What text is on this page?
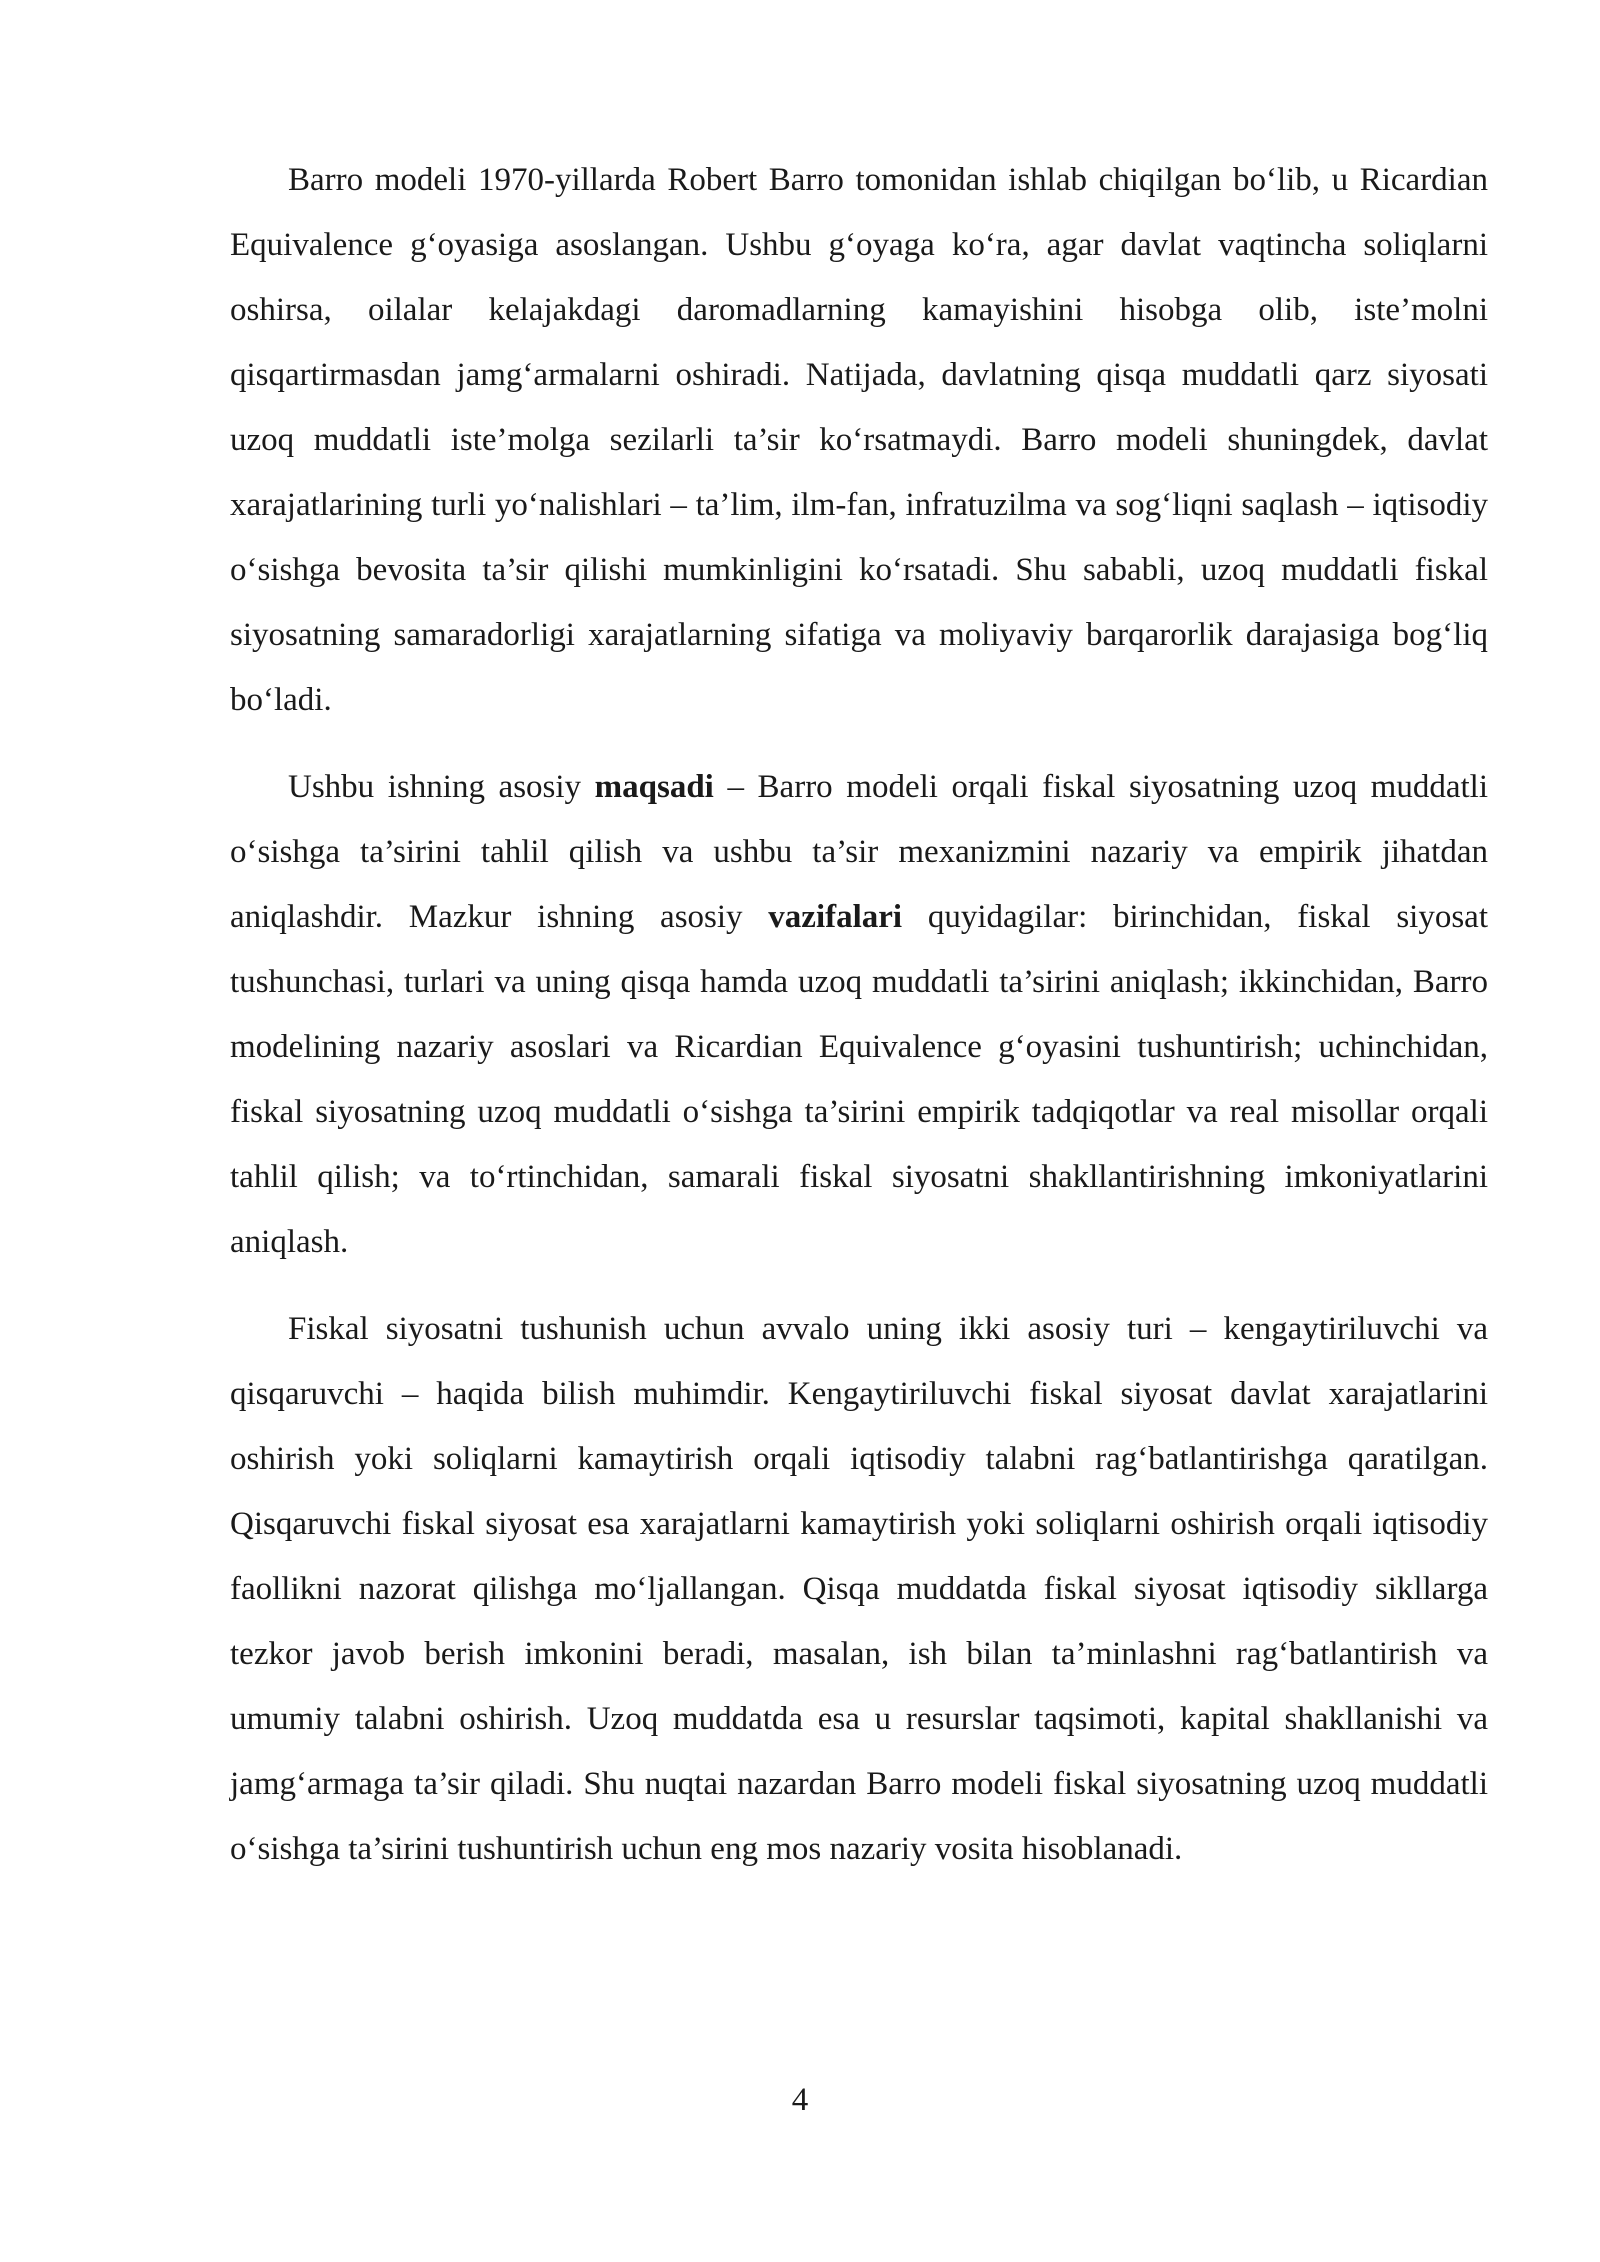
Barro modeli 1970-yillarda Robert Barro tomonidan ishlab chiqilgan bo‘lib, u Ricardian Equivalence g‘oyasiga asoslangan. Ushbu g‘oyaga ko‘ra, agar davlat vaqtincha soliqlarni oshirsa, oilalar kelajakdagi daromadlarning kamayishini hisobga olib, iste’molni qisqartirmasdan jamg‘armalarni oshiradi. Natijada, davlatning qisqa muddatli qarz siyosati uzoq muddatli iste’molga sezilarli ta’sir ko‘rsatmaydi. Barro modeli shuningdek, davlat xarajatlarining turli yo‘nalishlari – ta’lim, ilm-fan, infratuzilma va sog‘liqni saqlash – iqtisodiy o‘sishga bevosita ta’sir qilishi mumkinligini ko‘rsatadi. Shu sababli, uzoq muddatli fiskal siyosatning samaradorligi xarajatlarning sifatiga va moliyaviy barqarorlik darajasiga bog‘liq bo‘ladi.

Ushbu ishning asosiy maqsadi – Barro modeli orqali fiskal siyosatning uzoq muddatli o‘sishga ta’sirini tahlil qilish va ushbu ta’sir mexanizmini nazariy va empirik jihatdan aniqlashdir. Mazkur ishning asosiy vazifalari quyidagilar: birinchidan, fiskal siyosat tushunchasi, turlari va uning qisqa hamda uzoq muddatli ta’sirini aniqlash; ikkinchidan, Barro modelining nazariy asoslari va Ricardian Equivalence g‘oyasini tushuntirish; uchinchidan, fiskal siyosatning uzoq muddatli o‘sishga ta’sirini empirik tadqiqotlar va real misollar orqali tahlil qilish; va to‘rtinchidan, samarali fiskal siyosatni shakllantirishning imkoniyatlarini aniqlash.

Fiskal siyosatni tushunish uchun avvalo uning ikki asosiy turi – kengaytiriluvchi va qisqaruvchi – haqida bilish muhimdir. Kengaytiriluvchi fiskal siyosat davlat xarajatlarini oshirish yoki soliqlarni kamaytirish orqali iqtisodiy talabni rag‘batlantirishga qaratilgan. Qisqaruvchi fiskal siyosat esa xarajatlarni kamaytirish yoki soliqlarni oshirish orqali iqtisodiy faollikni nazorat qilishga mo‘ljallangan. Qisqa muddatda fiskal siyosat iqtisodiy sikllarga tezkor javob berish imkonini beradi, masalan, ish bilan ta’minlashni rag‘batlantirish va umumiy talabni oshirish. Uzoq muddatda esa u resurslar taqsimoti, kapital shakllanishi va jamg‘armaga ta’sir qiladi. Shu nuqtai nazardan Barro modeli fiskal siyosatning uzoq muddatli o‘sishga ta’sirini tushuntirish uchun eng mos nazariy vosita hisoblanadi.

4
